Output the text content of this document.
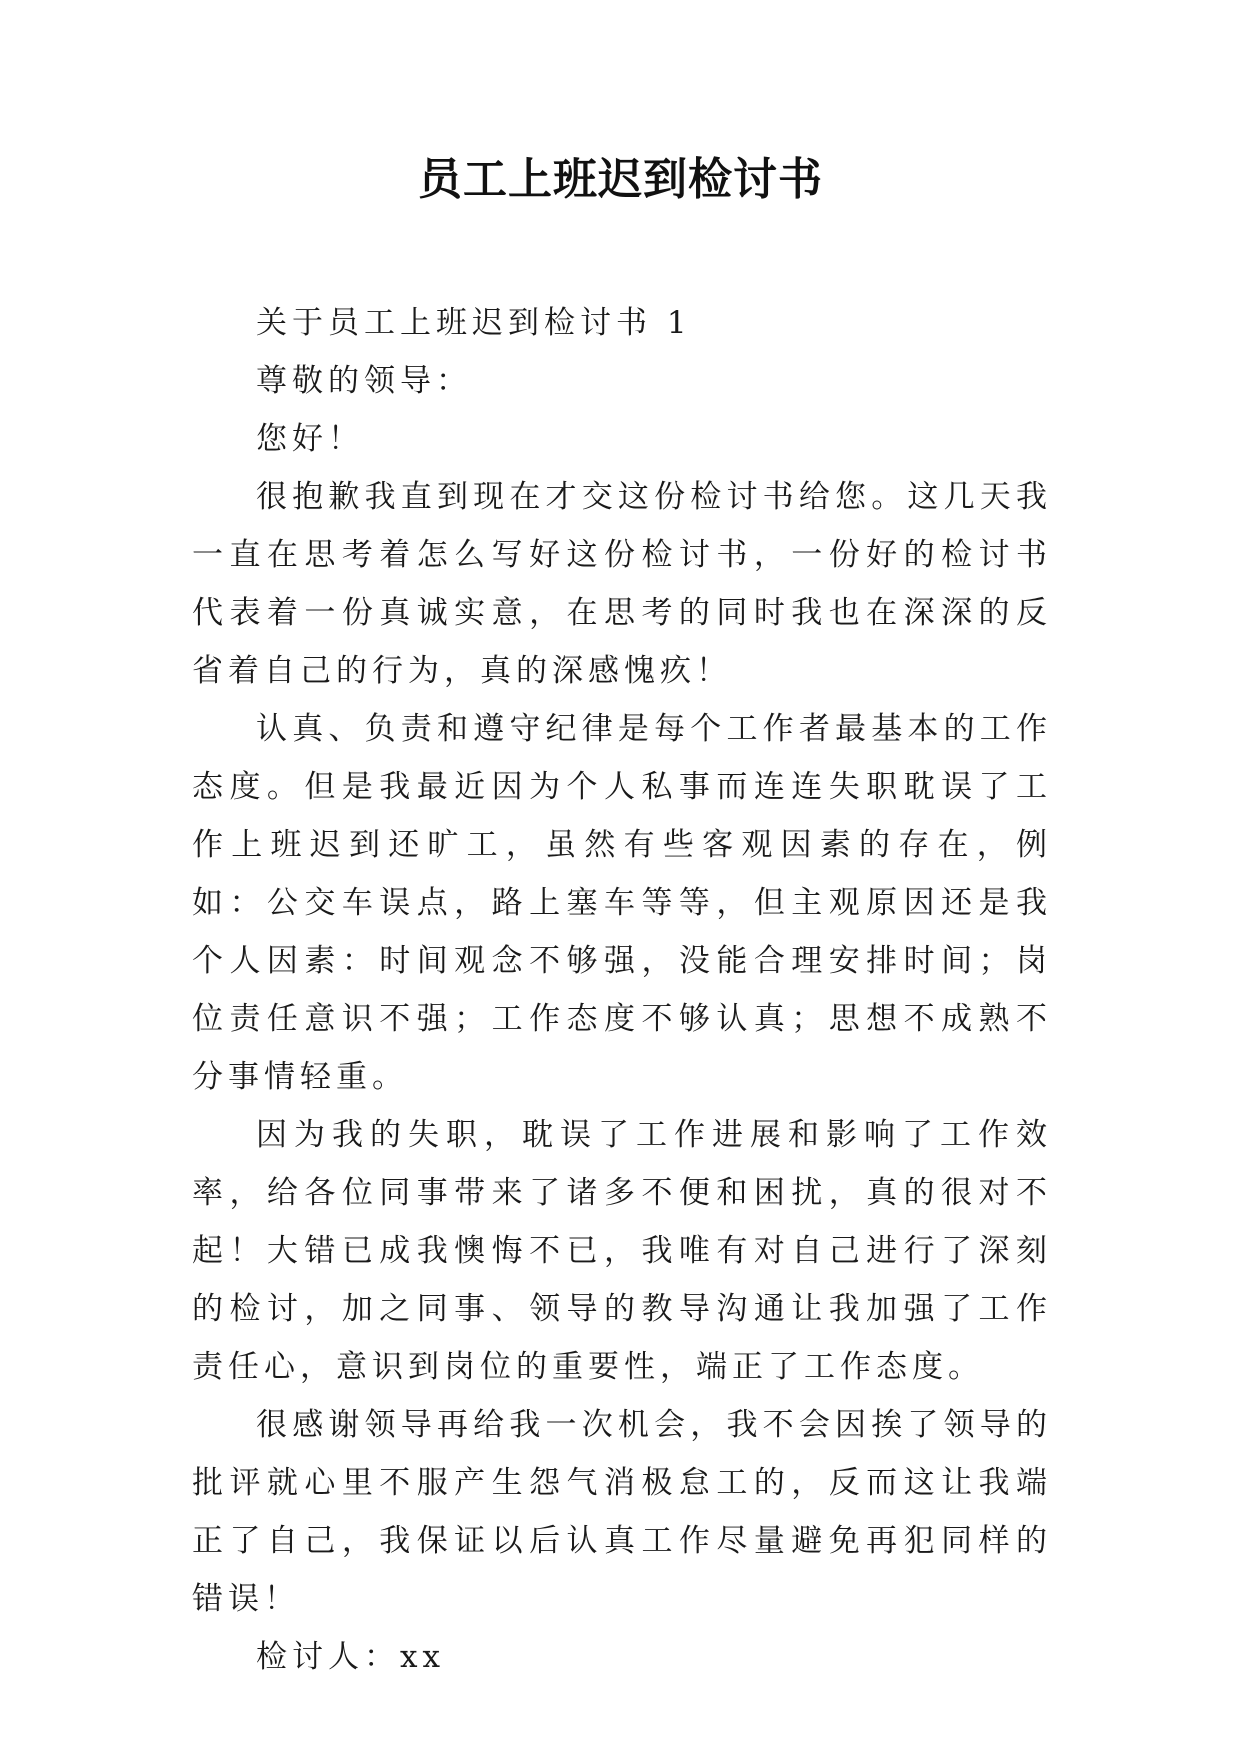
员工上班迟到检讨书

关于员工上班迟到检讨书 1

尊敬的领导：

您好！

很抱歉我直到现在才交这份检讨书给您。这几天我一直在思考着怎么写好这份检讨书，一份好的检讨书代表着一份真诚实意，在思考的同时我也在深深的反省着自己的行为，真的深感愧疚！

认真、负责和遵守纪律是每个工作者最基本的工作态度。但是我最近因为个人私事而连连失职耽误了工作上班迟到还旷工，虽然有些客观因素的存在，例如：公交车误点，路上塞车等等，但主观原因还是我个人因素：时间观念不够强，没能合理安排时间；岗位责任意识不强；工作态度不够认真；思想不成熟不分事情轻重。

因为我的失职，耽误了工作进展和影响了工作效率，给各位同事带来了诸多不便和困扰，真的很对不起！大错已成我懊悔不已，我唯有对自己进行了深刻的检讨，加之同事、领导的教导沟通让我加强了工作责任心，意识到岗位的重要性，端正了工作态度。

很感谢领导再给我一次机会，我不会因挨了领导的批评就心里不服产生怨气消极怠工的，反而这让我端正了自己，我保证以后认真工作尽量避免再犯同样的错误！

检讨人：xx
